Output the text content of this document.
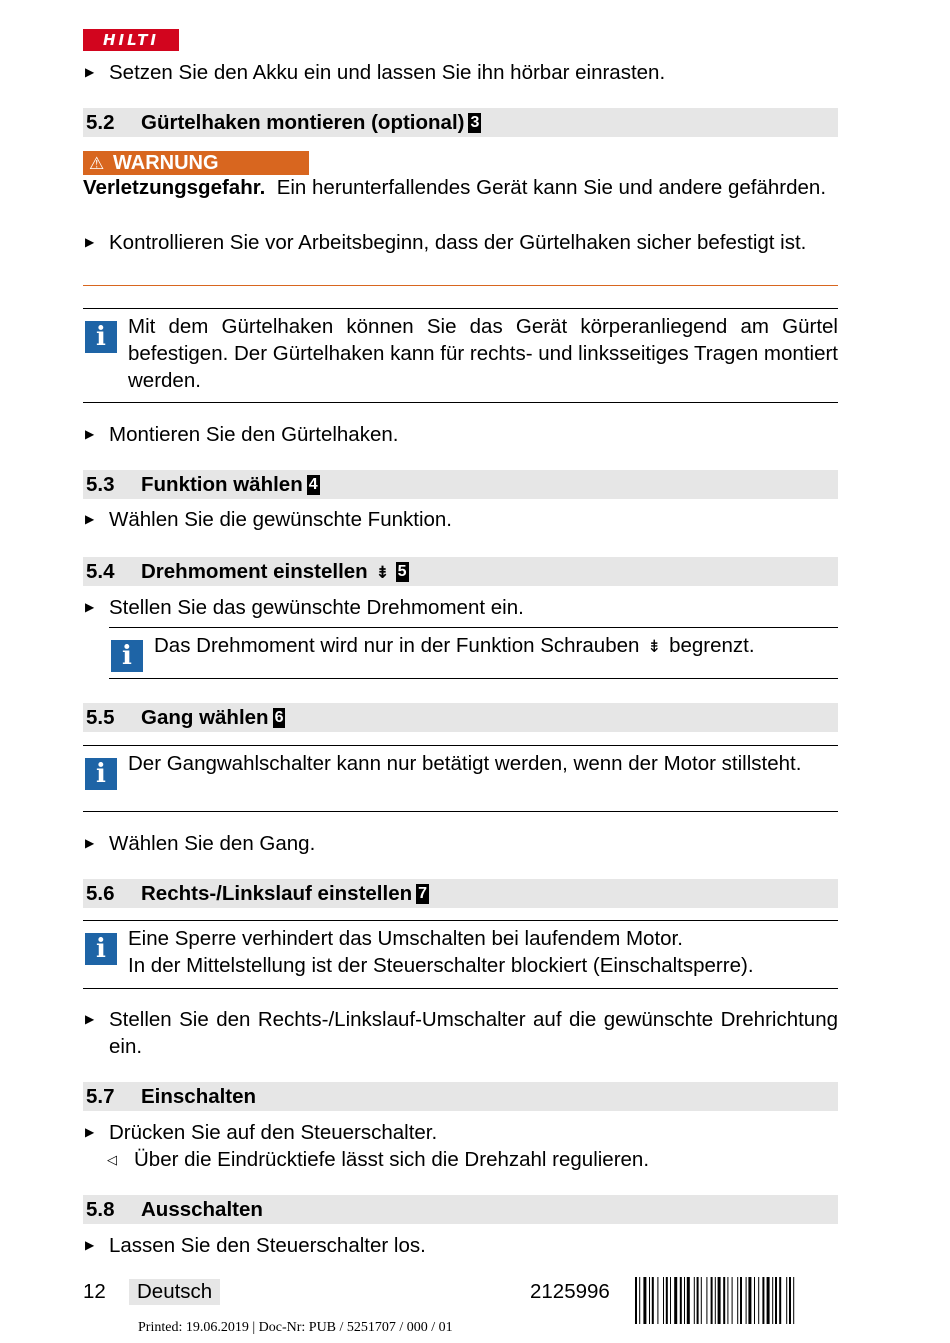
HILTI
▶ Setzen Sie den Akku ein und lassen Sie ihn hörbar einrasten.
5.2 Gürtelhaken montieren (optional) 3
⚠ WARNUNG
Verletzungsgefahr. Ein herunterfallendes Gerät kann Sie und andere gefährden.
▶ Kontrollieren Sie vor Arbeitsbeginn, dass der Gürtelhaken sicher befestigt ist.
i	Mit dem Gürtelhaken können Sie das Gerät körperanliegend am Gürtel befestigen. Der Gürtelhaken kann für rechts- und linksseitiges Tragen montiert werden.
▶ Montieren Sie den Gürtelhaken.
5.3 Funktion wählen 4
▶ Wählen Sie die gewünschte Funktion.
5.4 Drehmoment einstellen ⇟ 5
▶ Stellen Sie das gewünschte Drehmoment ein.
i	Das Drehmoment wird nur in der Funktion Schrauben ⇟ begrenzt.
5.5 Gang wählen 6
i	Der Gangwahlschalter kann nur betätigt werden, wenn der Motor stillsteht.
▶ Wählen Sie den Gang.
5.6 Rechts-/Linkslauf einstellen 7
i	Eine Sperre verhindert das Umschalten bei laufendem Motor.
In der Mittelstellung ist der Steuerschalter blockiert (Einschaltsperre).
▶ Stellen Sie den Rechts-/Linkslauf-Umschalter auf die gewünschte Drehrichtung ein.
5.7 Einschalten
▶ Drücken Sie auf den Steuerschalter.
◁ Über die Eindrücktiefe lässt sich die Drehzahl regulieren.
5.8 Ausschalten
▶ Lassen Sie den Steuerschalter los.
12	Deutsch	2125996
Printed: 19.06.2019 | Doc-Nr: PUB / 5251707 / 000 / 01
